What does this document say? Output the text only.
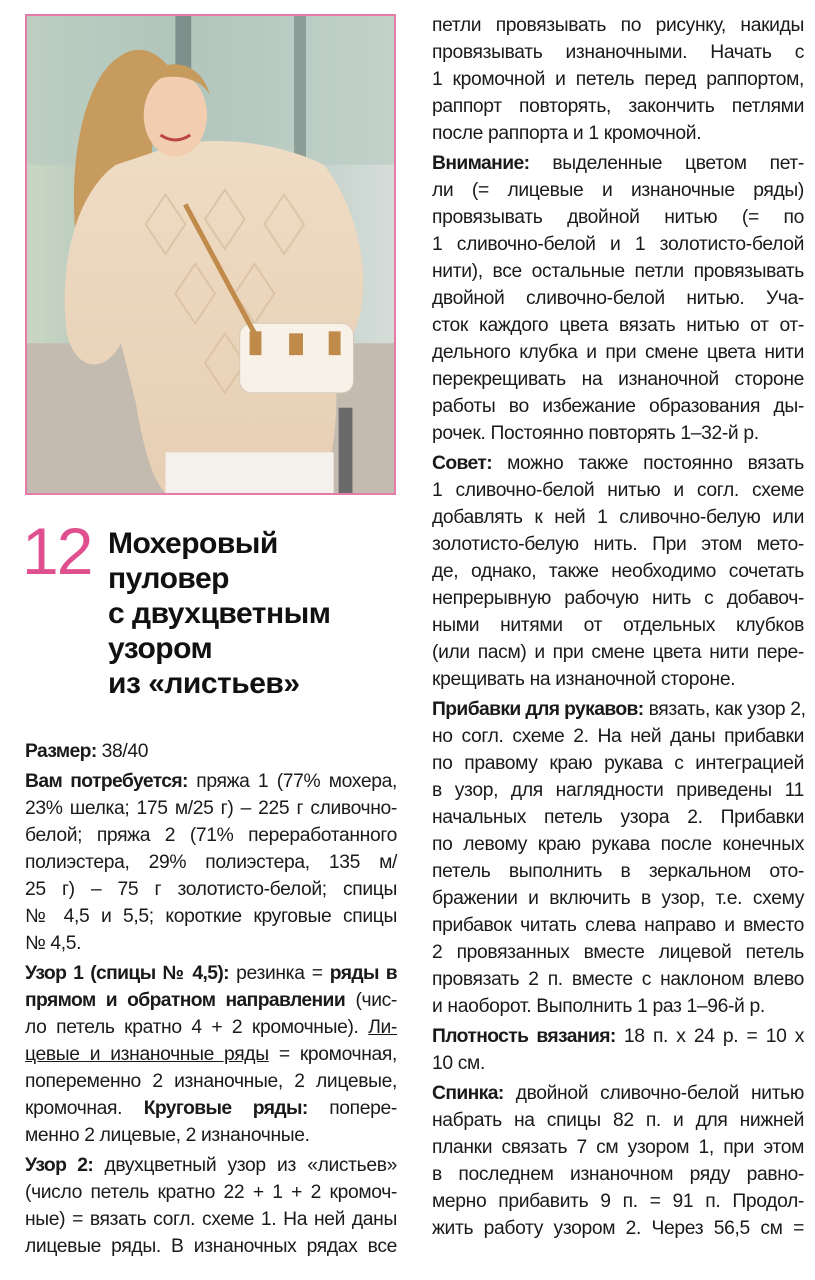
12 Мохеровый
пуловер
с двухцветным
узором
из «листьев»
Размер: 38/40
Вам потребуется: пряжа 1 (77% мохера,
23% шелка; 175 м/25 г) – 225 г сливочно-
белой; пряжа 2 (71% переработанного
полиэстера, 29% полиэстера, 135 м/
25 г) – 75 г золотисто-белой; спицы
№ 4,5 и 5,5; короткие круговые спицы
№ 4,5.
Узор 1 (спицы № 4,5): резинка = ряды в
прямом и обратном направлении (чис-
ло петель кратно 4 + 2 кромочные). Ли-
цевые и изнаночные ряды = кромочная,
попеременно 2 изнаночные, 2 лицевые,
кромочная. Круговые ряды: попере-
менно 2 лицевые, 2 изнаночные.
Узор 2: двухцветный узор из «листьев»
(число петель кратно 22 + 1 + 2 кромоч-
ные) = вязать согл. схеме 1. На ней даны
лицевые ряды. В изнаночных рядах все
петли провязывать по рисунку, накиды
провязывать изнаночными. Начать с
1 кромочной и петель перед раппортом,
раппорт повторять, закончить петлями
после раппорта и 1 кромочной.
Внимание: выделенные цветом пет-
ли (= лицевые и изнаночные ряды)
провязывать двойной нитью (= по
1 сливочно-белой и 1 золотисто-белой
нити), все остальные петли провязывать
двойной сливочно-белой нитью. Уча-
сток каждого цвета вязать нитью от от-
дельного клубка и при смене цвета нити
перекрещивать на изнаночной стороне
работы во избежание образования ды-
рочек. Постоянно повторять 1–32-й р.
Совет: можно также постоянно вязать
1 сливочно-белой нитью и согл. схеме
добавлять к ней 1 сливочно-белую или
золотисто-белую нить. При этом мето-
де, однако, также необходимо сочетать
непрерывную рабочую нить с добавоч-
ными нитями от отдельных клубков
(или пасм) и при смене цвета нити пере-
крещивать на изнаночной стороне.
Прибавки для рукавов: вязать, как узор 2,
но согл. схеме 2. На ней даны прибавки
по правому краю рукава с интеграцией
в узор, для наглядности приведены 11
начальных петель узора 2. Прибавки
по левому краю рукава после конечных
петель выполнить в зеркальном ото-
бражении и включить в узор, т.е. схему
прибавок читать слева направо и вместо
2 провязанных вместе лицевой петель
провязать 2 п. вместе с наклоном влево
и наоборот. Выполнить 1 раз 1–96-й р.
Плотность вязания: 18 п. х 24 р. = 10 х
10 см.
Спинка: двойной сливочно-белой нитью
набрать на спицы 82 п. и для нижней
планки связать 7 см узором 1, при этом
в последнем изнаночном ряду равно-
мерно прибавить 9 п. = 91 п. Продол-
жить работу узором 2. Через 56,5 см =
